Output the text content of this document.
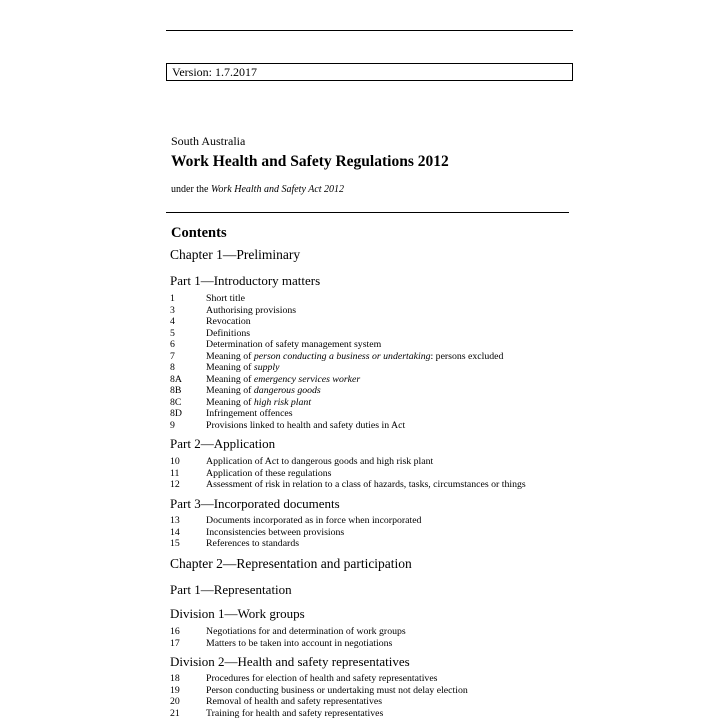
Version: 1.7.2017
South Australia
Work Health and Safety Regulations 2012
under the Work Health and Safety Act 2012
Contents
Chapter 1—Preliminary
Part 1—Introductory matters
Part 2—Application
Part 3—Incorporated documents
Chapter 2—Representation and participation
Part 1—Representation
Division 1—Work groups
Division 2—Health and safety representatives
1	Short title
3	Authorising provisions
4	Revocation
5	Definitions
6	Determination of safety management system
7	Meaning of person conducting a business or undertaking: persons excluded
8	Meaning of supply
8A Meaning of emergency services worker
8B	Meaning of dangerous goods
8C	Meaning of high risk plant
8D Infringement offences
9	Provisions linked to health and safety duties in Act
10	Application of Act to dangerous goods and high risk plant
11	Application of these regulations
12	Assessment of risk in relation to a class of hazards, tasks, circumstances or things
13	Documents incorporated as in force when incorporated
14	Inconsistencies between provisions
15	References to standards
16	Negotiations for and determination of work groups
17	Matters to be taken into account in negotiations
18	Procedures for election of health and safety representatives
19	Person conducting business or undertaking must not delay election
20	Removal of health and safety representatives
21	Training for health and safety representatives
